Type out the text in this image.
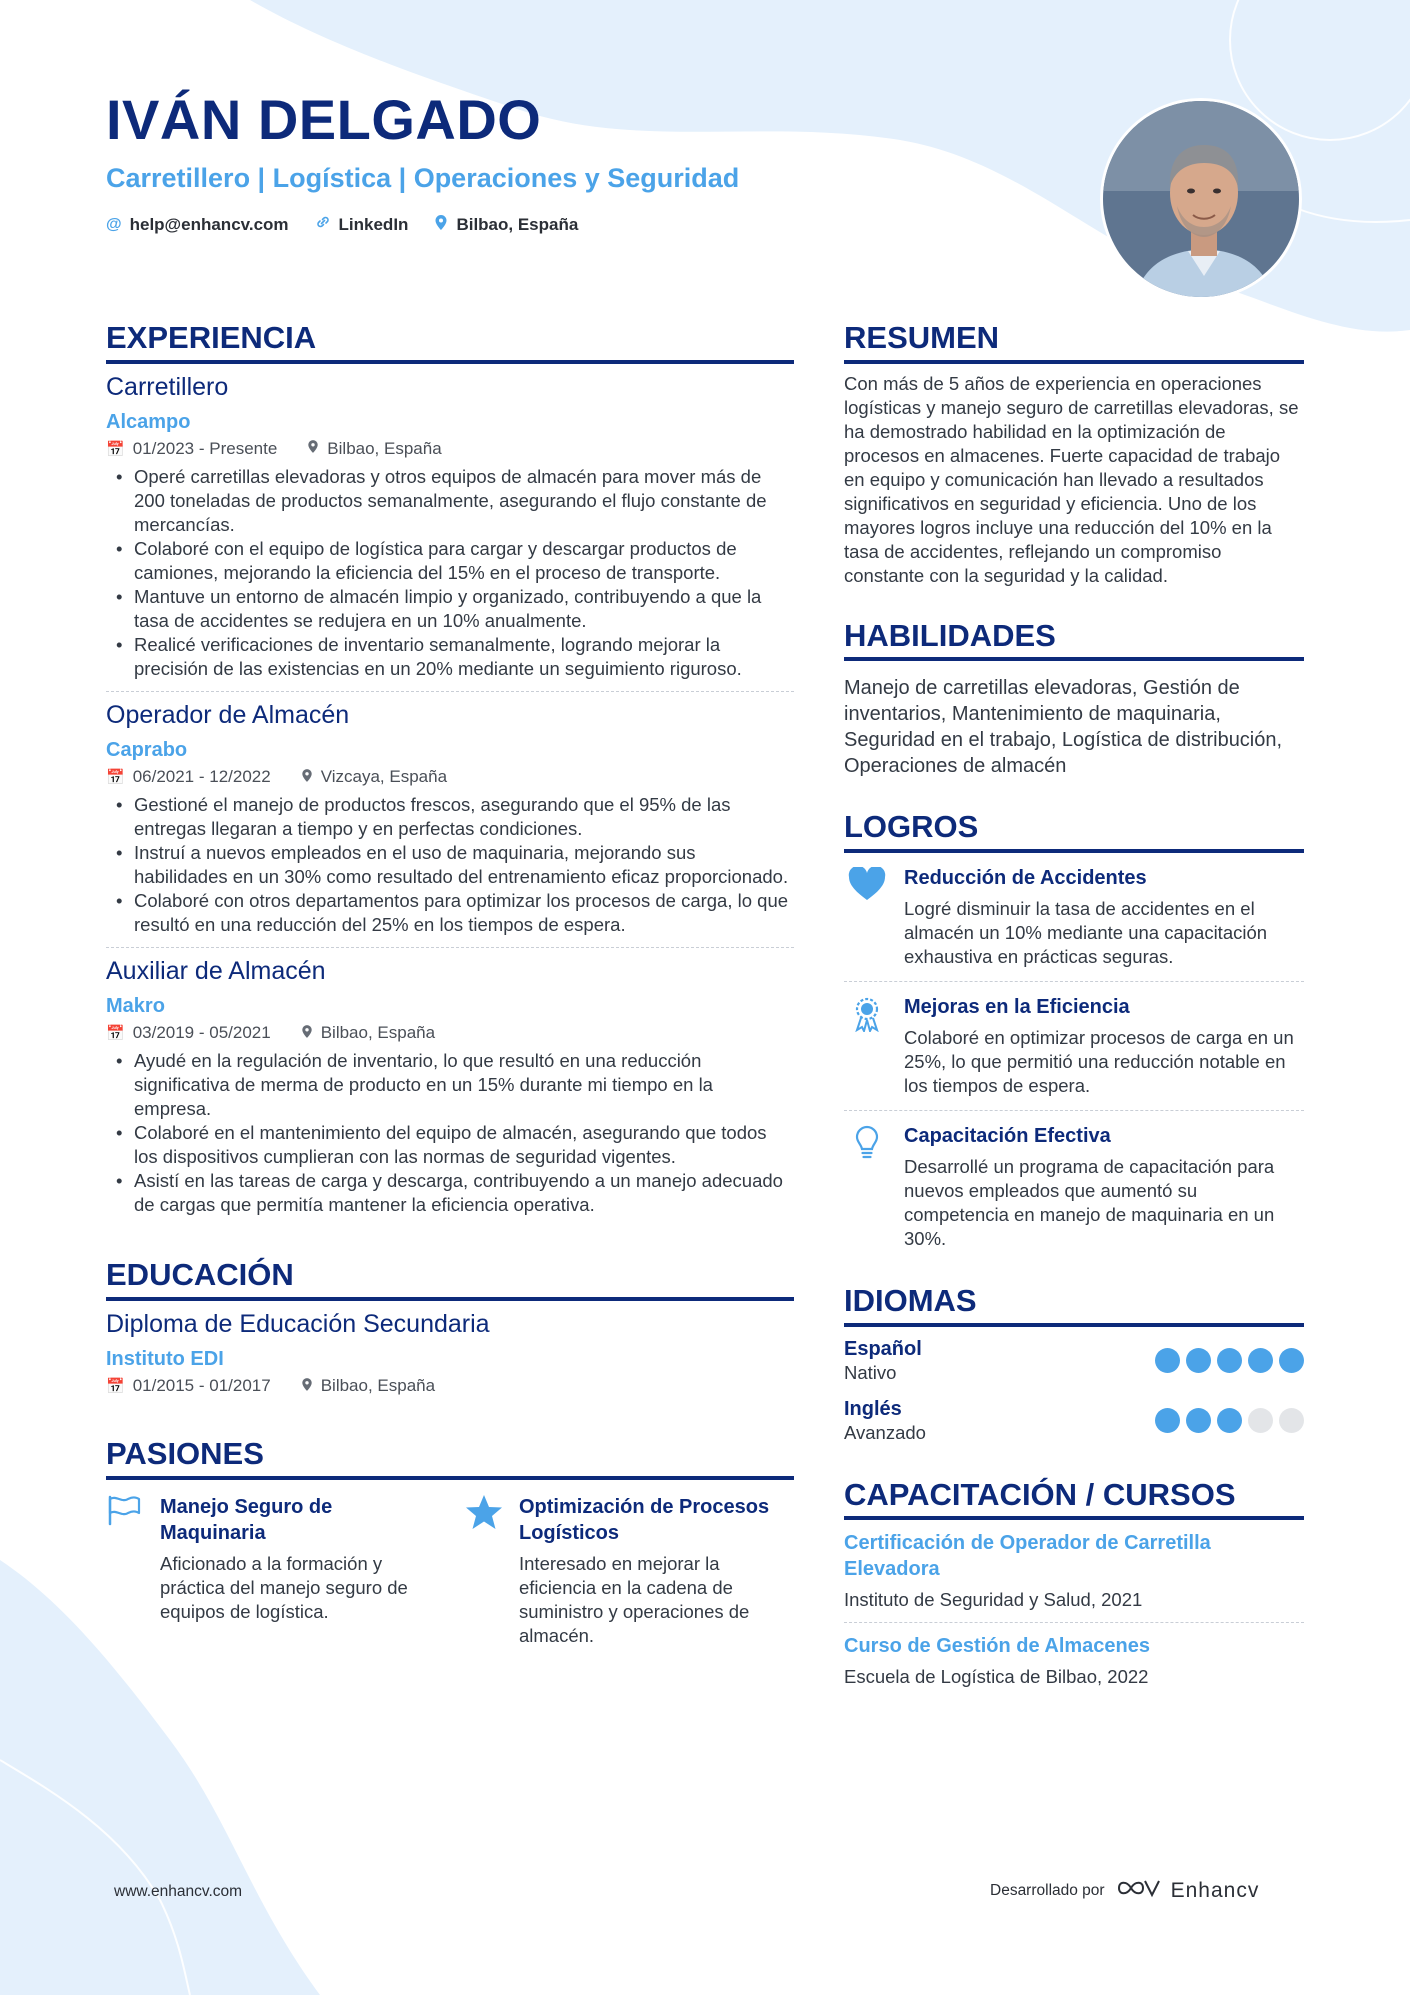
IVÁN DELGADO
Carretillero | Logística | Operaciones y Seguridad
@ help@enhancv.com	LinkedIn	Bilbao, España
EXPERIENCIA
Carretillero
Alcampo
📅 01/2023 - Presente	Bilbao, España
• Operé carretillas elevadoras y otros equipos de almacén para mover más de 200 toneladas de productos semanalmente, asegurando el flujo constante de mercancías.
• Colaboré con el equipo de logística para cargar y descargar productos de camiones, mejorando la eficiencia del 15% en el proceso de transporte.
• Mantuve un entorno de almacén limpio y organizado, contribuyendo a que la tasa de accidentes se redujera en un 10% anualmente.
• Realicé verificaciones de inventario semanalmente, logrando mejorar la precisión de las existencias en un 20% mediante un seguimiento riguroso.
Operador de Almacén
Caprabo
📅 06/2021 - 12/2022	Vizcaya, España
• Gestioné el manejo de productos frescos, asegurando que el 95% de las entregas llegaran a tiempo y en perfectas condiciones.
• Instruí a nuevos empleados en el uso de maquinaria, mejorando sus habilidades en un 30% como resultado del entrenamiento eficaz proporcionado.
• Colaboré con otros departamentos para optimizar los procesos de carga, lo que resultó en una reducción del 25% en los tiempos de espera.
Auxiliar de Almacén
Makro
📅 03/2019 - 05/2021	Bilbao, España
• Ayudé en la regulación de inventario, lo que resultó en una reducción significativa de merma de producto en un 15% durante mi tiempo en la empresa.
• Colaboré en el mantenimiento del equipo de almacén, asegurando que todos los dispositivos cumplieran con las normas de seguridad vigentes.
• Asistí en las tareas de carga y descarga, contribuyendo a un manejo adecuado de cargas que permitía mantener la eficiencia operativa.
EDUCACIÓN
Diploma de Educación Secundaria
Instituto EDI
📅 01/2015 - 01/2017	Bilbao, España
PASIONES
Manejo Seguro de Maquinaria
Aficionado a la formación y práctica del manejo seguro de equipos de logística.
Optimización de Procesos Logísticos
Interesado en mejorar la eficiencia en la cadena de suministro y operaciones de almacén.
RESUMEN
Con más de 5 años de experiencia en operaciones logísticas y manejo seguro de carretillas elevadoras, se ha demostrado habilidad en la optimización de procesos en almacenes. Fuerte capacidad de trabajo en equipo y comunicación han llevado a resultados significativos en seguridad y eficiencia. Uno de los mayores logros incluye una reducción del 10% en la tasa de accidentes, reflejando un compromiso constante con la seguridad y la calidad.
HABILIDADES
Manejo de carretillas elevadoras, Gestión de inventarios, Mantenimiento de maquinaria, Seguridad en el trabajo, Logística de distribución, Operaciones de almacén
LOGROS
Reducción de Accidentes
Logré disminuir la tasa de accidentes en el almacén un 10% mediante una capacitación exhaustiva en prácticas seguras.
Mejoras en la Eficiencia
Colaboré en optimizar procesos de carga en un 25%, lo que permitió una reducción notable en los tiempos de espera.
Capacitación Efectiva
Desarrollé un programa de capacitación para nuevos empleados que aumentó su competencia en manejo de maquinaria en un 30%.
IDIOMAS
Español
Nativo
Inglés
Avanzado
CAPACITACIÓN / CURSOS
Certificación de Operador de Carretilla Elevadora
Instituto de Seguridad y Salud, 2021
Curso de Gestión de Almacenes
Escuela de Logística de Bilbao, 2022
www.enhancv.com	Desarrollado por	Enhancv
